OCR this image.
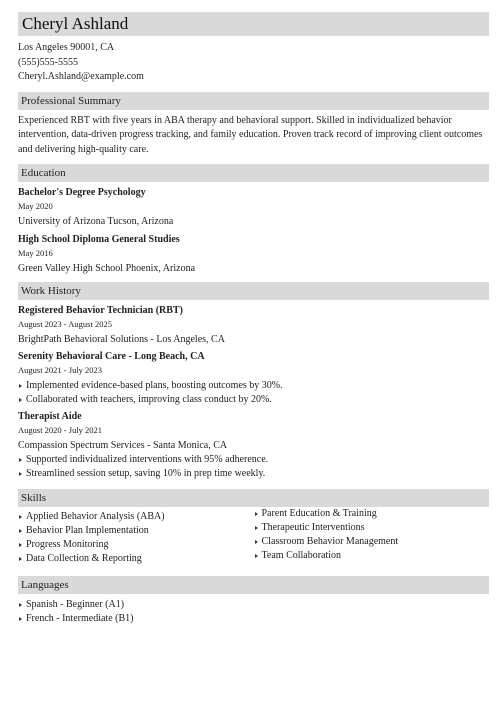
Cheryl Ashland
Los Angeles 90001, CA
(555)555-5555
Cheryl.Ashland@example.com
Professional Summary
Experienced RBT with five years in ABA therapy and behavioral support. Skilled in individualized behavior intervention, data-driven progress tracking, and family education. Proven track record of improving client outcomes and delivering high-quality care.
Education
Bachelor's Degree Psychology
May 2020
University of Arizona Tucson, Arizona
High School Diploma General Studies
May 2016
Green Valley High School Phoenix, Arizona
Work History
Registered Behavior Technician (RBT)
August 2023 - August 2025
BrightPath Behavioral Solutions - Los Angeles, CA
Serenity Behavioral Care - Long Beach, CA
August 2021 - July 2023
Implemented evidence-based plans, boosting outcomes by 30%.
Collaborated with teachers, improving class conduct by 20%.
Therapist Aide
August 2020 - July 2021
Compassion Spectrum Services - Santa Monica, CA
Supported individualized interventions with 95% adherence.
Streamlined session setup, saving 10% in prep time weekly.
Skills
Applied Behavior Analysis (ABA)
Behavior Plan Implementation
Progress Monitoring
Data Collection & Reporting
Parent Education & Training
Therapeutic Interventions
Classroom Behavior Management
Team Collaboration
Languages
Spanish - Beginner (A1)
French - Intermediate (B1)
